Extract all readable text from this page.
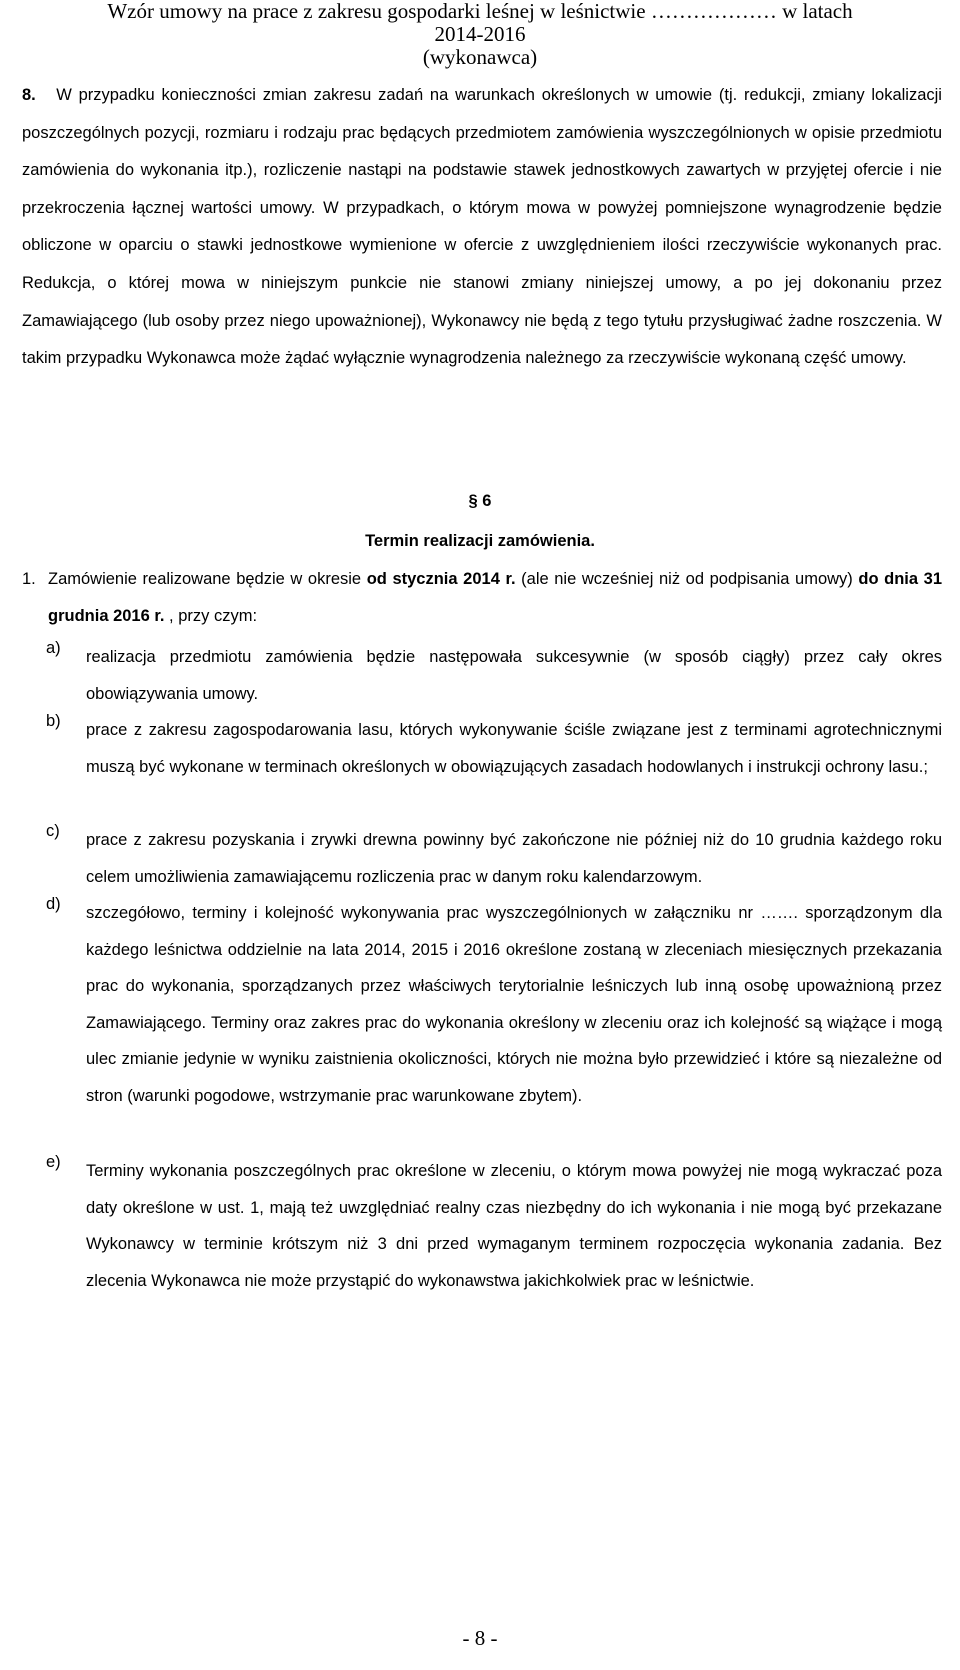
Wzór umowy na prace z zakresu gospodarki leśnej w leśnictwie ……………… w latach
2014-2016
(wykonawca)
8. W przypadku konieczności zmian zakresu zadań na warunkach określonych w umowie (tj. redukcji, zmiany lokalizacji poszczególnych pozycji, rozmiaru i rodzaju prac będących przedmiotem zamówienia wyszczególnionych w opisie przedmiotu zamówienia do wykonania itp.), rozliczenie nastąpi na podstawie stawek jednostkowych zawartych w przyjętej ofercie i nie przekroczenia łącznej wartości umowy. W przypadkach, o którym mowa w powyżej pomniejszone wynagrodzenie będzie obliczone w oparciu o stawki jednostkowe wymienione w ofercie z uwzględnieniem ilości rzeczywiście wykonanych prac. Redukcja, o której mowa w niniejszym punkcie nie stanowi zmiany niniejszej umowy, a po jej dokonaniu przez Zamawiającego (lub osoby przez niego upoważnionej), Wykonawcy nie będą z tego tytułu przysługiwać żadne roszczenia. W takim przypadku Wykonawca może żądać wyłącznie wynagrodzenia należnego za rzeczywiście wykonaną część umowy.
§ 6
Termin realizacji zamówienia.
1. Zamówienie realizowane będzie w okresie od stycznia 2014 r. (ale nie wcześniej niż od podpisania umowy) do dnia 31 grudnia 2016 r. , przy czym:
a) realizacja przedmiotu zamówienia będzie następowała sukcesywnie (w sposób ciągły) przez cały okres obowiązywania umowy.
b) prace z zakresu zagospodarowania lasu, których wykonywanie ściśle związane jest z terminami agrotechnicznymi muszą być wykonane w terminach określonych w obowiązujących zasadach hodowlanych i instrukcji ochrony lasu.;
c) prace z zakresu pozyskania i zrywki drewna powinny być zakończone nie później niż do 10 grudnia każdego roku celem umożliwienia zamawiającemu rozliczenia prac w danym roku kalendarzowym.
d) szczegółowo, terminy i kolejność wykonywania prac wyszczególnionych w załączniku nr ……. sporządzonym dla każdego leśnictwa oddzielnie na lata 2014, 2015 i 2016 określone zostaną w zleceniach miesięcznych przekazania prac do wykonania, sporządzanych przez właściwych terytorialnie leśniczych lub inną osobę upoważnioną przez Zamawiającego. Terminy oraz zakres prac do wykonania określony w zleceniu oraz ich kolejność są wiążące i mogą ulec zmianie jedynie w wyniku zaistnienia okoliczności, których nie można było przewidzieć i które są niezależne od stron (warunki pogodowe, wstrzymanie prac warunkowane zbytem).
e) Terminy wykonania poszczególnych prac określone w zleceniu, o którym mowa powyżej nie mogą wykraczać poza daty określone w ust. 1, mają też uwzględniać realny czas niezbędny do ich wykonania i nie mogą być przekazane Wykonawcy w terminie krótszym niż 3 dni przed wymaganym terminem rozpoczęcia wykonania zadania. Bez zlecenia Wykonawca nie może przystąpić do wykonawstwa jakichkolwiek prac w leśnictwie.
- 8 -
